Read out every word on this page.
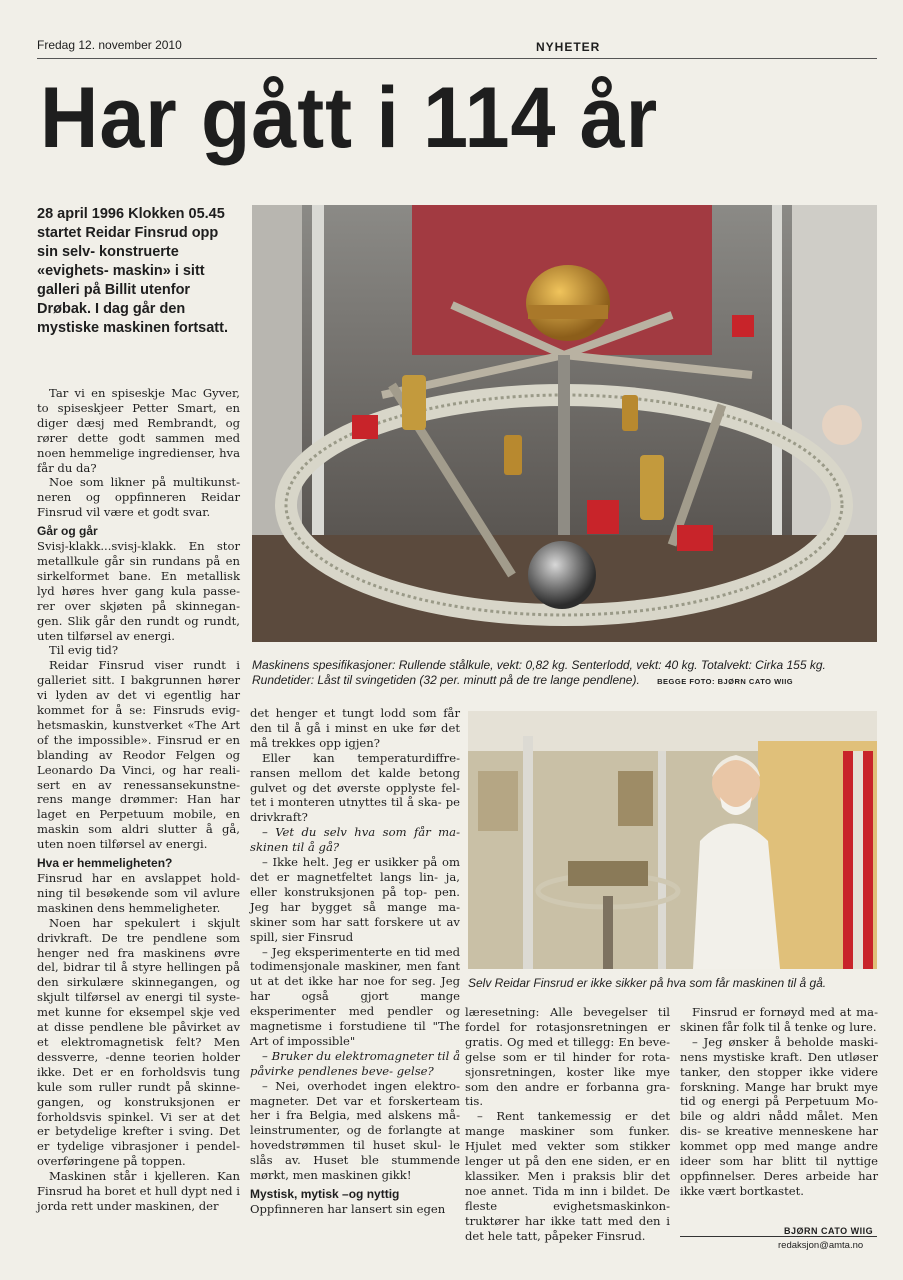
Fredag 12. november 2010	NYHETER
Har gått i 114 år
28 april 1996 Klokken 05.45 startet Reidar Finsrud opp sin selv- konstruerte «evighets- maskin» i sitt galleri på Billit utenfor Drøbak. I dag går den mystiske maskinen fortsatt.
Maskinens spesifikasjoner: Rullende stålkule, vekt: 0,82 kg. Senterlodd, vekt: 40 kg. Totalvekt: Cirka 155 kg. Rundetider: Låst til svingetiden (32 per. minutt på de tre lange pendlene). BEGGE FOTO: BJØRN CATO WIIG
Selv Reidar Finsrud er ikke sikker på hva som får maskinen til å gå.

Tar vi en spiseskje Mac Gyver, to spiseskjeer Petter Smart, en diger dæsj med Rembrandt, og rører dette godt sammen med noen hemmelige ingredienser, hva får du da?

Noe som likner på multikunst- neren og oppfinneren Reidar Finsrud vil være et godt svar.

Går og går

Svisj-klakk...svisj-klakk. En stor metallkule går sin rundans på en sirkelformet bane. En metallisk lyd høres hver gang kula passe- rer over skjøten på skinnegan- gen. Slik går den rundt og rundt, uten tilførsel av energi.

Til evig tid?

Reidar Finsrud viser rundt i galleriet sitt. I bakgrunnen hører vi lyden av det vi egentlig har kommet for å se: Finsruds evig- hetsmaskin, kunstverket «The Art of the impossible». Finsrud er en blanding av Reodor Felgen og Leonardo Da Vinci, og har reali- sert en av renessansekunstne- rens mange drømmer: Han har laget en Perpetuum mobile, en maskin som aldri slutter å gå, uten noen tilførsel av energi.

Hva er hemmeligheten?

Finsrud har en avslappet hold- ning til besøkende som vil avlure maskinen dens hemmeligheter.

Noen har spekulert i skjult drivkraft. De tre pendlene som henger ned fra maskinens øvre del, bidrar til å styre hellingen på den sirkulære skinnegangen, og skjult tilførsel av energi til syste- met kunne for eksempel skje ved at disse pendlene ble påvirket av et elektromagnetisk felt? Men dessverre, -denne teorien holder ikke. Det er en forholdsvis tung kule som ruller rundt på skinne- gangen, og konstruksjonen er forholdsvis spinkel. Vi ser at det er betydelige krefter i sving. Det er tydelige vibrasjoner i pendel- overføringene på toppen.

Maskinen står i kjelleren. Kan Finsrud ha boret et hull dypt ned i jorda rett under maskinen, der

det henger et tungt lodd som får den til å gå i minst en uke før det må trekkes opp igjen?

Eller kan temperaturdiffre- ransen mellom det kalde betong gulvet og det øverste opplyste fel- tet i monteren utnyttes til å ska- pe drivkraft?

– Vet du selv hva som får ma- skinen til å gå?

– Ikke helt. Jeg er usikker på om det er magnetfeltet langs lin- ja, eller konstruksjonen på top- pen. Jeg har bygget så mange ma- skiner som har satt forskere ut av spill, sier Finsrud

– Jeg eksperimenterte en tid med todimensjonale maskiner, men fant ut at det ikke har noe for seg. Jeg har også gjort mange eksperimenter med pendler og magnetisme i forstudiene til "The Art of impossible"

– Bruker du elektromagneter til å påvirke pendlenes beve- gelse?

– Nei, overhodet ingen elektro- magneter. Det var et forskerteam her i fra Belgia, med alskens må- leinstrumenter, og de forlangte at hovedstrømmen til huset skul- le slås av. Huset ble stummende mørkt, men maskinen gikk!

Mystisk, mytisk –og nyttig

Oppfinneren har lansert sin egen

læresetning: Alle bevegelser til fordel for rotasjonsretningen er gratis. Og med et tillegg: En beve- gelse som er til hinder for rota- sjonsretningen, koster like mye som den andre er forbanna gra- tis.

– Rent tankemessig er det mange maskiner som funker. Hjulet med vekter som stikker lenger ut på den ene siden, er en klassiker. Men i praksis blir det noe annet. Tida m inn i bildet. De fleste evighetsmaskinkon- truktører har ikke tatt med den i det hele tatt, påpeker Finsrud.

Finsrud er fornøyd med at ma- skinen får folk til å tenke og lure.

– Jeg ønsker å beholde maski- nens mystiske kraft. Den utløser tanker, den stopper ikke videre forskning. Mange har brukt mye tid og energi på Perpetuum Mo- bile og aldri nådd målet. Men dis- se kreative menneskene har kommet opp med mange andre ideer som har blitt til nyttige oppfinnelser. Deres arbeide har ikke vært bortkastet.

BJØRN CATO WIIG
redaksjon@amta.no
